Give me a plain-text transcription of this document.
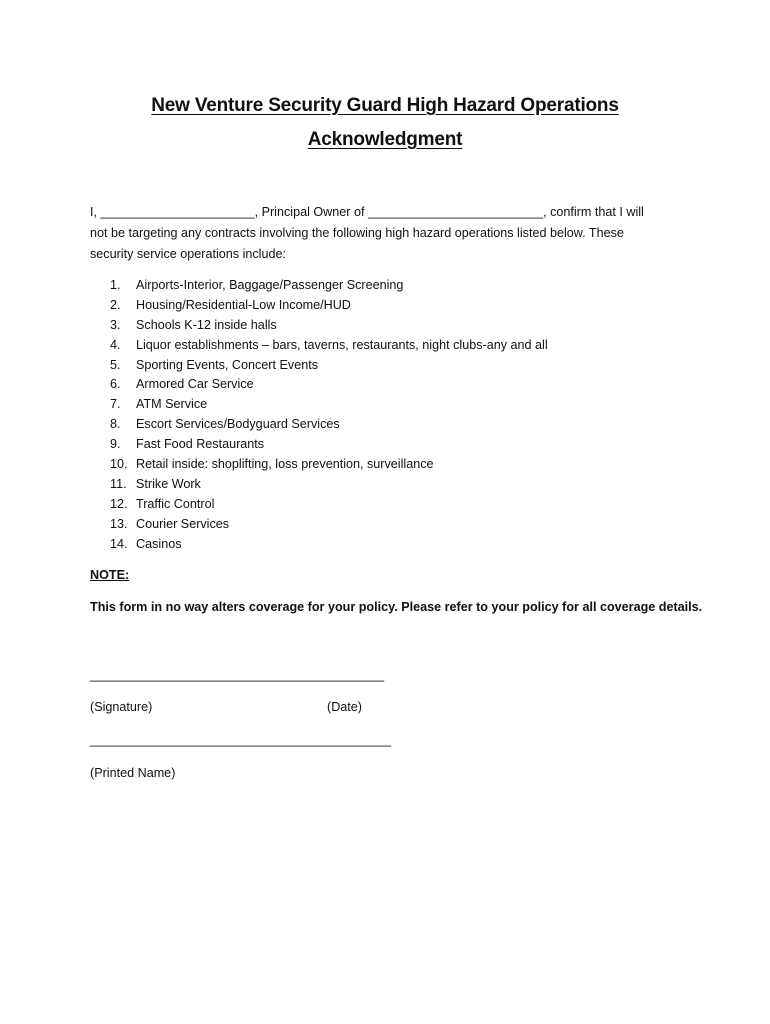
New Venture Security Guard High Hazard Operations
Acknowledgment
I, ______________________, Principal Owner of _________________________, confirm that I will
not be targeting any contracts involving the following high hazard operations listed below. These
security service operations include:
1. Airports-Interior, Baggage/Passenger Screening
2. Housing/Residential-Low Income/HUD
3. Schools K-12 inside halls
4. Liquor establishments – bars, taverns, restaurants, night clubs-any and all
5. Sporting Events, Concert Events
6. Armored Car Service
7. ATM Service
8. Escort Services/Bodyguard Services
9. Fast Food Restaurants
10. Retail inside: shoplifting, loss prevention, surveillance
11. Strike Work
12. Traffic Control
13. Courier Services
14. Casinos
NOTE:
This form in no way alters coverage for your policy. Please refer to your policy for all coverage details.
__________________________________________
(Signature)	(Date)
___________________________________________
(Printed Name)
